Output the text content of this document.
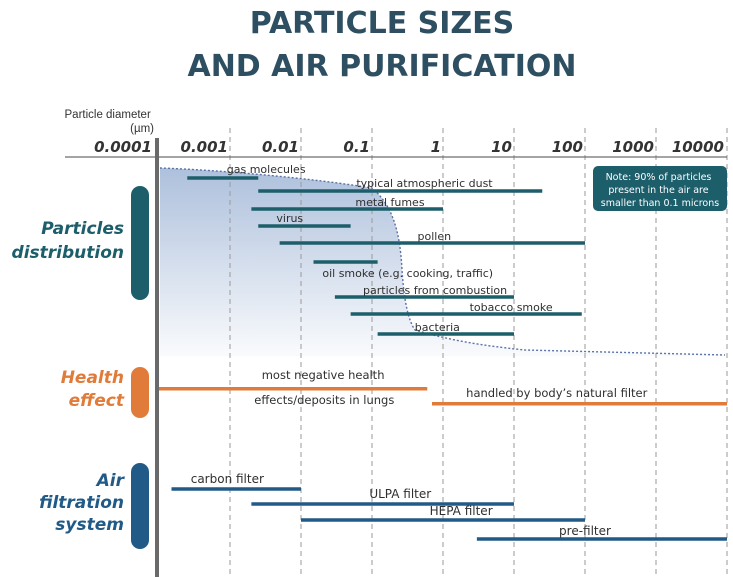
PARTICLE SIZES
AND AIR PURIFICATION
Particle diameter (µm)
0.0001 0.001 0.01	0.1	1	10	100 1000 10000
Particles distribution
Health effect
Air filtration system
gas molecules
typical atmospheric dust
metal fumes
virus
pollen
oil smoke (e.g. cooking, traffic)
particles from combustion
tobacco smoke
bacteria
most negative health
effects/deposits in lungs	handled by body’s natural filter
carbon filter
ULPA filter
HEPA filter
pre-filter
Note: 90% of particles present in the air are smaller than 0.1 microns
